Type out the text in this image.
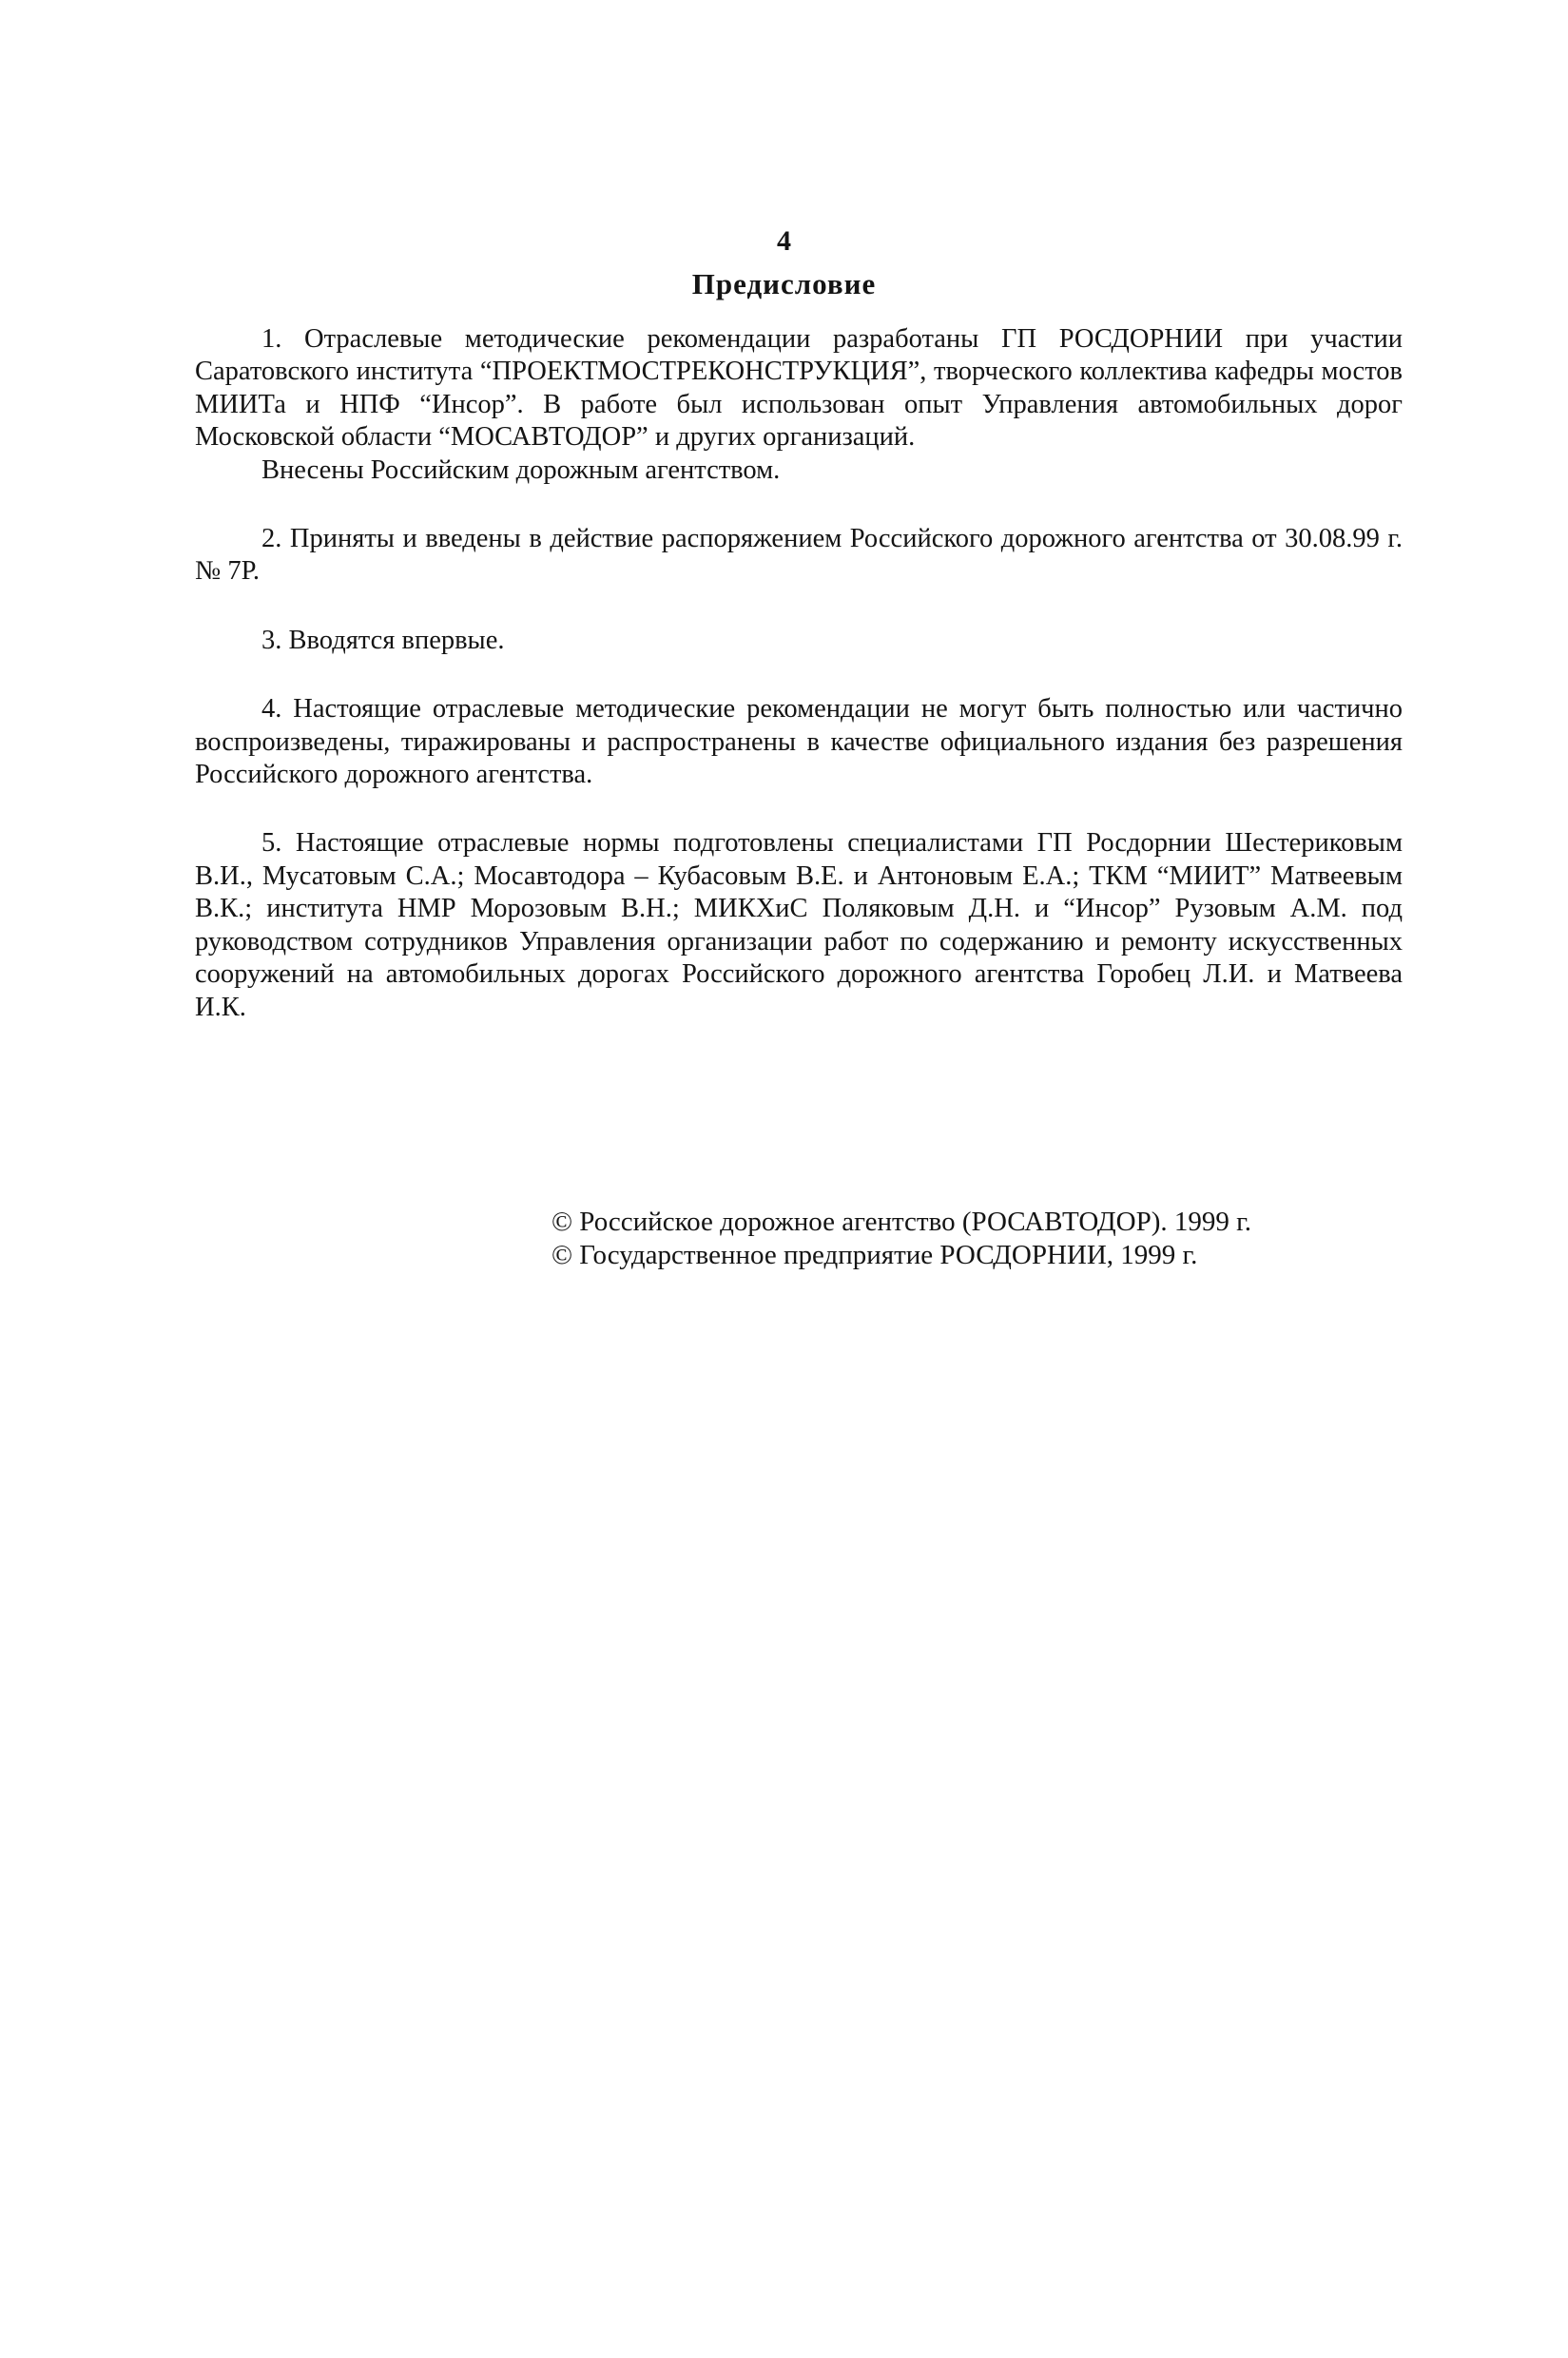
4
Предисловие

1. Отраслевые методические рекомендации разработаны ГП РОСДОРНИИ при участии Саратовского института “ПРОЕКТМОСТРЕКОНСТРУКЦИЯ”, творческого коллектива кафедры мостов МИИТа и НПФ “Инсор”. В работе был использован опыт Управления автомобильных дорог Московской области “МОСАВТОДОР” и других организаций.

Внесены Российским дорожным агентством.

2. Приняты и введены в действие распоряжением Российского дорожного агентства от 30.08.99 г. № 7Р.

3. Вводятся впервые.

4. Настоящие отраслевые методические рекомендации не могут быть полностью или частично воспроизведены, тиражированы и распространены в качестве официального издания без разрешения Российского дорожного агентства.

5. Настоящие отраслевые нормы подготовлены специалистами ГП Росдорнии Шестериковым В.И., Мусатовым С.А.; Мосавтодора – Кубасовым В.Е. и Антоновым Е.А.; ТКМ “МИИТ” Матвеевым В.К.; института НМР Морозовым В.Н.; МИКХиС Поляковым Д.Н. и “Инсор” Рузовым А.М. под руководством сотрудников Управления организации работ по содержанию и ремонту искусственных сооружений на автомобильных дорогах Российского дорожного агентства Горобец Л.И. и Матвеева И.К.

© Российское дорожное агентство (РОСАВТОДОР). 1999 г.
© Государственное предприятие РОСДОРНИИ, 1999 г.
